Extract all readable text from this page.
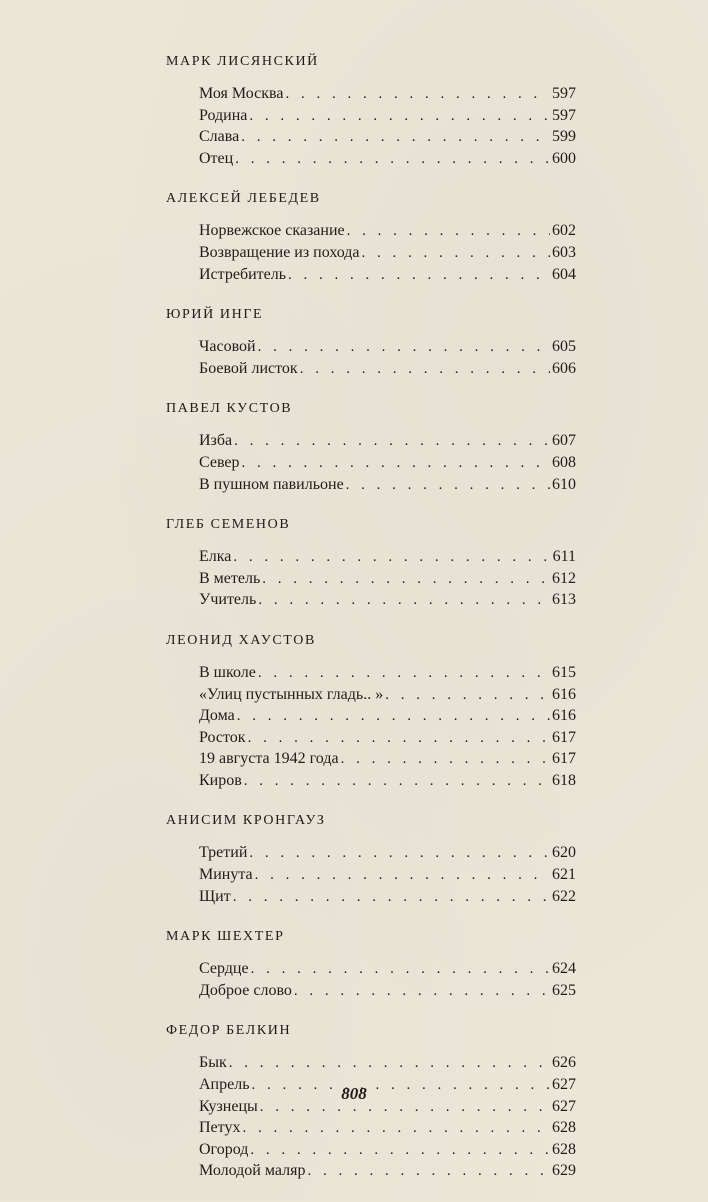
МАРК ЛИСЯНСКИЙ
Моя Москва . . .	597
Родина . . .	597
Слава . . .	599
Отец . . .	600
АЛЕКСЕЙ ЛЕБЕДЕВ
Норвежское сказание . . .	602
Возвращение из похода . . .	603
Истребитель . . .	604
ЮРИЙ ИНГЕ
Часовой . . .	605
Боевой листок . . .	606
ПАВЕЛ КУСТОВ
Изба . . .	607
Север . . .	608
В пушном павильоне . . .	610
ГЛЕБ СЕМЕНОВ
Елка . . .	611
В метель . . .	612
Учитель . . .	613
ЛЕОНИД ХАУСТОВ
В школе . . .	615
«Улиц пустынных гладь.. » . . .	616
Дома . . .	616
Росток . . .	617
19 августа 1942 года . . .	617
Киров . . .	618
АНИСИМ КРОНГАУЗ
Третий . . .	620
Минута . . .	621
Щит . . .	622
МАРК ШЕХТЕР
Сердце . . .	624
Доброе слово . . .	625
ФЕДОР БЕЛКИН
Бык . . .	626
Апрель . . .	627
Кузнецы . . .	627
Петух . . .	628
Огород . . .	628
Молодой маляр . . .	629
808
